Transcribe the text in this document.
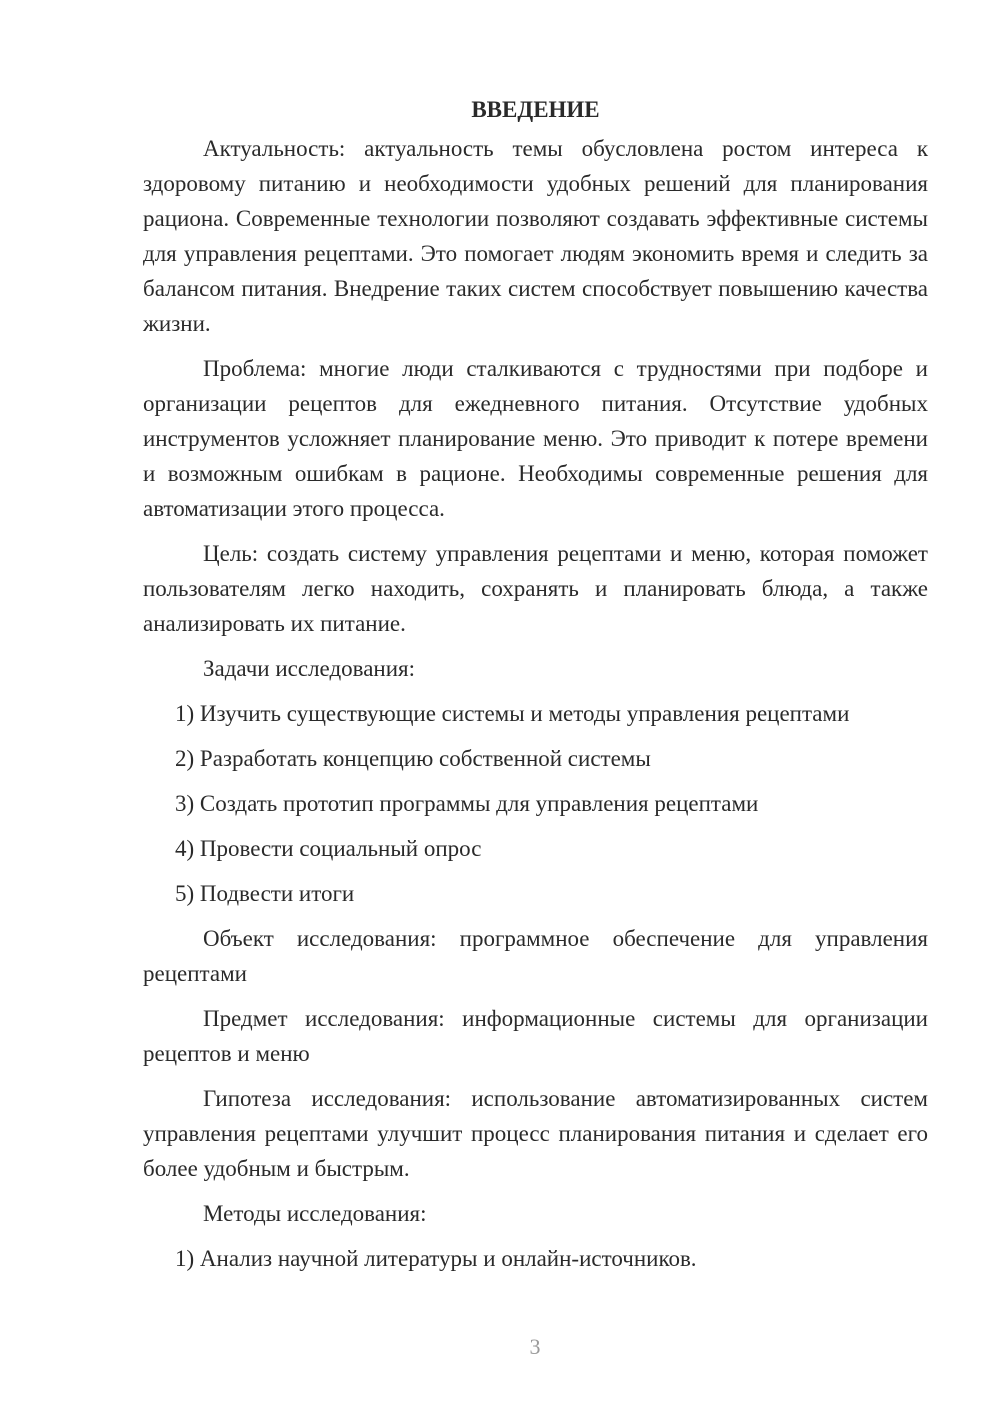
ВВЕДЕНИЕ

Актуальность: актуальность темы обусловлена ростом интереса к здоровому питанию и необходимости удобных решений для планирования рациона. Современные технологии позволяют создавать эффективные системы для управления рецептами. Это помогает людям экономить время и следить за балансом питания. Внедрение таких систем способствует повышению качества жизни.

Проблема: многие люди сталкиваются с трудностями при подборе и организации рецептов для ежедневного питания. Отсутствие удобных инструментов усложняет планирование меню. Это приводит к потере времени и возможным ошибкам в рационе. Необходимы современные решения для автоматизации этого процесса.

Цель: создать систему управления рецептами и меню, которая поможет пользователям легко находить, сохранять и планировать блюда, а также анализировать их питание.

Задачи исследования:

1) Изучить существующие системы и методы управления рецептами

2) Разработать концепцию собственной системы

3) Создать прототип программы для управления рецептами

4) Провести социальный опрос

5) Подвести итоги

Объект исследования: программное обеспечение для управления рецептами

Предмет исследования: информационные системы для организации рецептов и меню

Гипотеза исследования: использование автоматизированных систем управления рецептами улучшит процесс планирования питания и сделает его более удобным и быстрым.

Методы исследования:

1) Анализ научной литературы и онлайн-источников.

3
